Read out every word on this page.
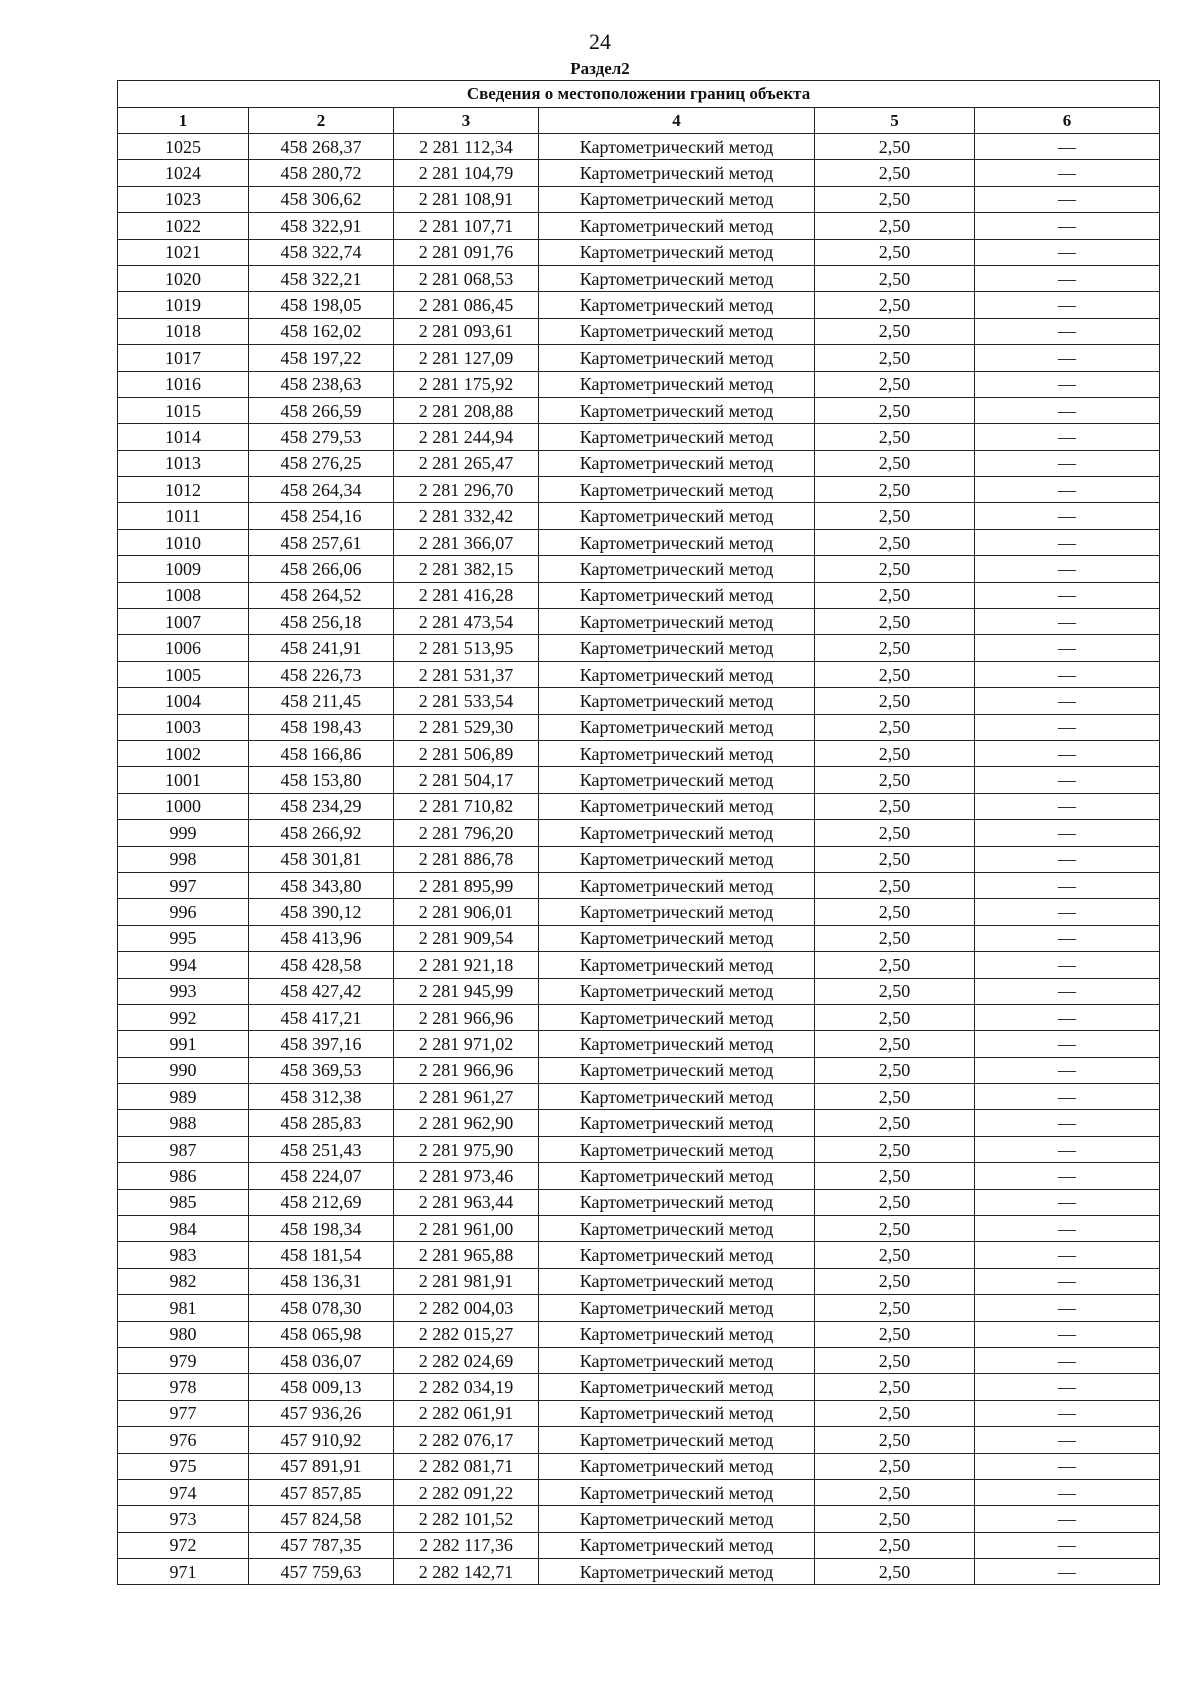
24
Раздел2
Сведения о местоположении границ объекта					
1	2	3	4	5	6
1025	458 268,37	2 281 112,34	Картометрический метод	2,50	—
1024	458 280,72	2 281 104,79	Картометрический метод	2,50	—
1023	458 306,62	2 281 108,91	Картометрический метод	2,50	—
1022	458 322,91	2 281 107,71	Картометрический метод	2,50	—
1021	458 322,74	2 281 091,76	Картометрический метод	2,50	—
1020	458 322,21	2 281 068,53	Картометрический метод	2,50	—
1019	458 198,05	2 281 086,45	Картометрический метод	2,50	—
1018	458 162,02	2 281 093,61	Картометрический метод	2,50	—
1017	458 197,22	2 281 127,09	Картометрический метод	2,50	—
1016	458 238,63	2 281 175,92	Картометрический метод	2,50	—
1015	458 266,59	2 281 208,88	Картометрический метод	2,50	—
1014	458 279,53	2 281 244,94	Картометрический метод	2,50	—
1013	458 276,25	2 281 265,47	Картометрический метод	2,50	—
1012	458 264,34	2 281 296,70	Картометрический метод	2,50	—
1011	458 254,16	2 281 332,42	Картометрический метод	2,50	—
1010	458 257,61	2 281 366,07	Картометрический метод	2,50	—
1009	458 266,06	2 281 382,15	Картометрический метод	2,50	—
1008	458 264,52	2 281 416,28	Картометрический метод	2,50	—
1007	458 256,18	2 281 473,54	Картометрический метод	2,50	—
1006	458 241,91	2 281 513,95	Картометрический метод	2,50	—
1005	458 226,73	2 281 531,37	Картометрический метод	2,50	—
1004	458 211,45	2 281 533,54	Картометрический метод	2,50	—
1003	458 198,43	2 281 529,30	Картометрический метод	2,50	—
1002	458 166,86	2 281 506,89	Картометрический метод	2,50	—
1001	458 153,80	2 281 504,17	Картометрический метод	2,50	—
1000	458 234,29	2 281 710,82	Картометрический метод	2,50	—
999	458 266,92	2 281 796,20	Картометрический метод	2,50	—
998	458 301,81	2 281 886,78	Картометрический метод	2,50	—
997	458 343,80	2 281 895,99	Картометрический метод	2,50	—
996	458 390,12	2 281 906,01	Картометрический метод	2,50	—
995	458 413,96	2 281 909,54	Картометрический метод	2,50	—
994	458 428,58	2 281 921,18	Картометрический метод	2,50	—
993	458 427,42	2 281 945,99	Картометрический метод	2,50	—
992	458 417,21	2 281 966,96	Картометрический метод	2,50	—
991	458 397,16	2 281 971,02	Картометрический метод	2,50	—
990	458 369,53	2 281 966,96	Картометрический метод	2,50	—
989	458 312,38	2 281 961,27	Картометрический метод	2,50	—
988	458 285,83	2 281 962,90	Картометрический метод	2,50	—
987	458 251,43	2 281 975,90	Картометрический метод	2,50	—
986	458 224,07	2 281 973,46	Картометрический метод	2,50	—
985	458 212,69	2 281 963,44	Картометрический метод	2,50	—
984	458 198,34	2 281 961,00	Картометрический метод	2,50	—
983	458 181,54	2 281 965,88	Картометрический метод	2,50	—
982	458 136,31	2 281 981,91	Картометрический метод	2,50	—
981	458 078,30	2 282 004,03	Картометрический метод	2,50	—
980	458 065,98	2 282 015,27	Картометрический метод	2,50	—
979	458 036,07	2 282 024,69	Картометрический метод	2,50	—
978	458 009,13	2 282 034,19	Картометрический метод	2,50	—
977	457 936,26	2 282 061,91	Картометрический метод	2,50	—
976	457 910,92	2 282 076,17	Картометрический метод	2,50	—
975	457 891,91	2 282 081,71	Картометрический метод	2,50	—
974	457 857,85	2 282 091,22	Картометрический метод	2,50	—
973	457 824,58	2 282 101,52	Картометрический метод	2,50	—
972	457 787,35	2 282 117,36	Картометрический метод	2,50	—
971	457 759,63	2 282 142,71	Картометрический метод	2,50	—
